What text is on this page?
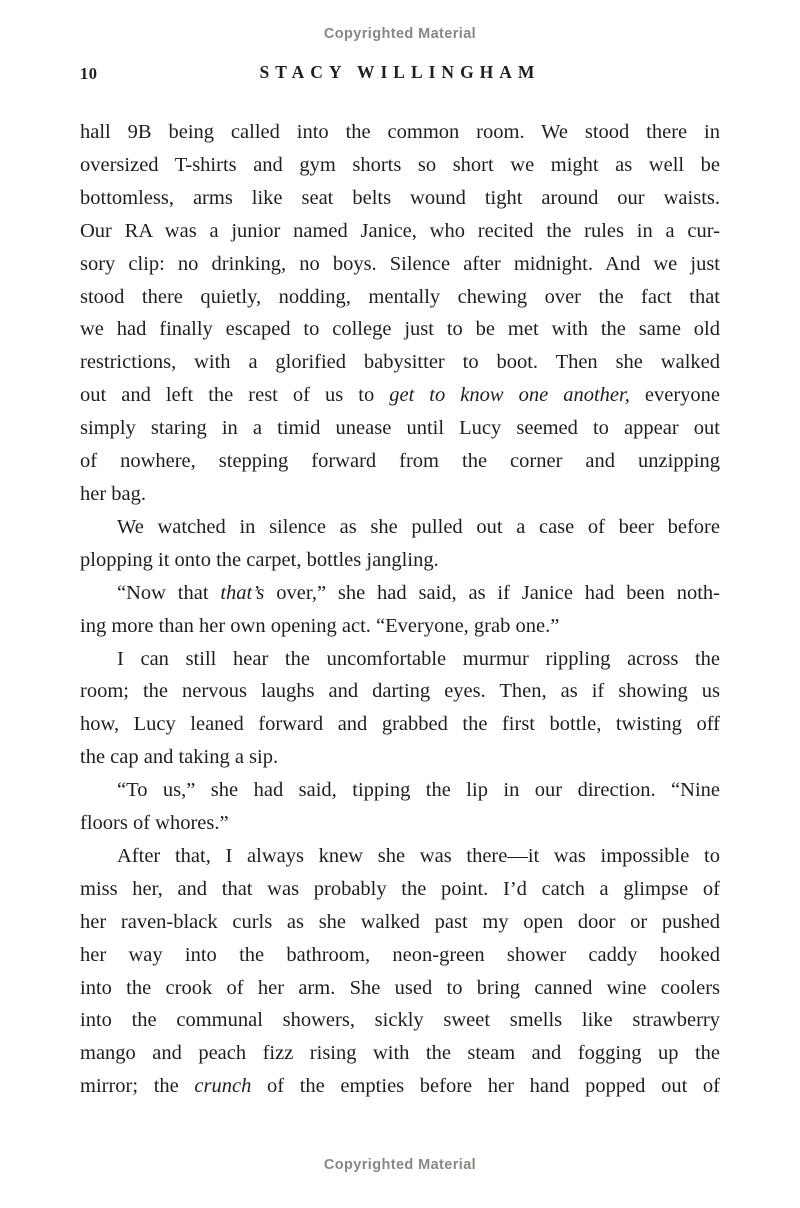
Copyrighted Material
10	STACY WILLINGHAM
hall 9B being called into the common room. We stood there in
oversized T-shirts and gym shorts so short we might as well be
bottomless, arms like seat belts wound tight around our waists.
Our RA was a junior named Janice, who recited the rules in a cur-
sory clip: no drinking, no boys. Silence after midnight. And we just
stood there quietly, nodding, mentally chewing over the fact that
we had finally escaped to college just to be met with the same old
restrictions, with a glorified babysitter to boot. Then she walked
out and left the rest of us to get to know one another, everyone
simply staring in a timid unease until Lucy seemed to appear out
of nowhere, stepping forward from the corner and unzipping
her bag.
We watched in silence as she pulled out a case of beer before
plopping it onto the carpet, bottles jangling.
“Now that that’s over,” she had said, as if Janice had been noth-
ing more than her own opening act. “Everyone, grab one.”
I can still hear the uncomfortable murmur rippling across the
room; the nervous laughs and darting eyes. Then, as if showing us
how, Lucy leaned forward and grabbed the first bottle, twisting off
the cap and taking a sip.
“To us,” she had said, tipping the lip in our direction. “Nine
floors of whores.”
After that, I always knew she was there—it was impossible to
miss her, and that was probably the point. I’d catch a glimpse of
her raven-black curls as she walked past my open door or pushed
her way into the bathroom, neon-green shower caddy hooked
into the crook of her arm. She used to bring canned wine coolers
into the communal showers, sickly sweet smells like strawberry
mango and peach fizz rising with the steam and fogging up the
mirror; the crunch of the empties before her hand popped out of
Copyrighted Material
